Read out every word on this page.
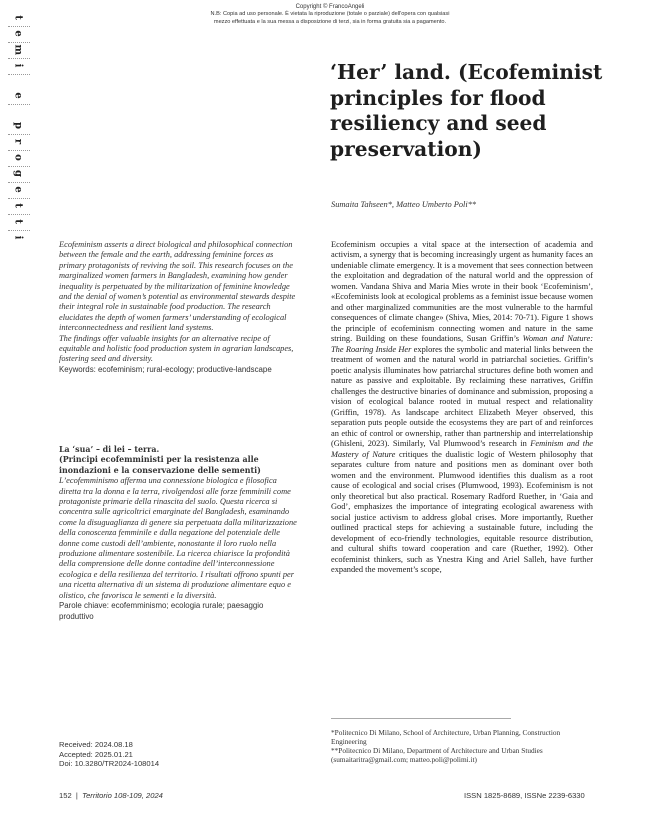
Copyright © FrancoAngeli
N.B: Copia ad uso personale. È vietata la riproduzione (totale o parziale) dell'opera con qualsiasi
mezzo effettuata e la sua messa a disposizione di terzi, sia in forma gratuita sia a pagamento.
t
e
m
i
e
p
r
o
g
e
t
t
i
‘Her’ land. (Ecofeminist principles for flood resiliency and seed preservation)
Sumaita Tahseen*, Matteo Umberto Poli**

Ecofeminism asserts a direct biological and philosophical connection between the female and the earth, addressing feminine forces as primary protagonists of reviving the soil. This research focuses on the marginalized women farmers in Bangladesh, examining how gender inequality is perpetuated by the militarization of feminine knowledge and the denial of women’s potential as environmental stewards despite their integral role in sustainable food production. The research elucidates the depth of women farmers’ understanding of ecological interconnectedness and resilient land systems.

The findings offer valuable insights for an alternative recipe of equitable and holistic food production system in agrarian landscapes, fostering seed and diversity.

Keywords: ecofeminism; rural-ecology; productive-landscape

La ‘sua’ – di lei – terra.

(Principi ecofemministi per la resistenza alle inondazioni e la conservazione delle sementi)

L’ecofemminismo afferma una connessione biologica e filosofica diretta tra la donna e la terra, rivolgendosi alle forze femminili come protagoniste primarie della rinascita del suolo. Questa ricerca si concentra sulle agricoltrici emarginate del Bangladesh, esaminando come la disuguaglianza di genere sia perpetuata dalla militarizzazione della conoscenza femminile e dalla negazione del potenziale delle donne come custodi dell’ambiente, nonostante il loro ruolo nella produzione alimentare sostenibile. La ricerca chiarisce la profondità della comprensione delle donne contadine dell’interconnessione ecologica e della resilienza del territorio. I risultati offrono spunti per una ricetta alternativa di un sistema di produzione alimentare equo e olistico, che favorisca le sementi e la diversità.

Parole chiave: ecofemminismo; ecologia rurale; paesaggio produttivo

Received: 2024.08.18
Accepted: 2025.01.21
Doi: 10.3280/TR2024-108014

Ecofeminism occupies a vital space at the intersection of academia and activism, a synergy that is becoming increasingly urgent as humanity faces an undeniable climate emergency. It is a movement that sees connection between the exploitation and degradation of the natural world and the oppression of women. Vandana Shiva and Maria Mies wrote in their book ‘Ecofeminism’, «Ecofeminists look at ecological problems as a feminist issue because women and other marginalized communities are the most vulnerable to the harmful consequences of climate change» (Shiva, Mies, 2014: 70-71). Figure 1 shows the principle of ecofeminism connecting women and nature in the same string. Building on these foundations, Susan Griffin’s Woman and Nature: The Roaring Inside Her explores the symbolic and material links between the treatment of women and the natural world in patriarchal societies. Griffin’s poetic analysis illuminates how patriarchal structures define both women and nature as passive and exploitable. By reclaiming these narratives, Griffin challenges the destructive binaries of dominance and submission, proposing a vision of ecological balance rooted in mutual respect and relationality (Griffin, 1978). As landscape architect Elizabeth Meyer observed, this separation puts people outside the ecosystems they are part of and reinforces an ethic of control or ownership, rather than partnership and interrelationship (Ghisleni, 2023). Similarly, Val Plumwood’s research in Feminism and the Mastery of Nature critiques the dualistic logic of Western philosophy that separates culture from nature and positions men as dominant over both women and the environment. Plumwood identifies this dualism as a root cause of ecological and social crises (Plumwood, 1993). Ecofeminism is not only theoretical but also practical. Rosemary Radford Ruether, in ‘Gaia and God’, emphasizes the importance of integrating ecological awareness with social justice activism to address global crises. More importantly, Ruether outlined practical steps for achieving a sustainable future, including the development of eco-friendly technologies, equitable resource distribution, and cultural shifts toward cooperation and care (Ruether, 1992). Other ecofeminist thinkers, such as Ynestra King and Ariel Salleh, have further expanded the movement’s scope,

*Politecnico Di Milano, School of Architecture, Urban Planning, Construction Engineering

**Politecnico Di Milano, Department of Architecture and Urban Studies (sumaitaritra@gmail.com; matteo.poli@polimi.it)

152 | Territorio 108-109, 2024	ISSN 1825-8689, ISSNe 2239-6330
